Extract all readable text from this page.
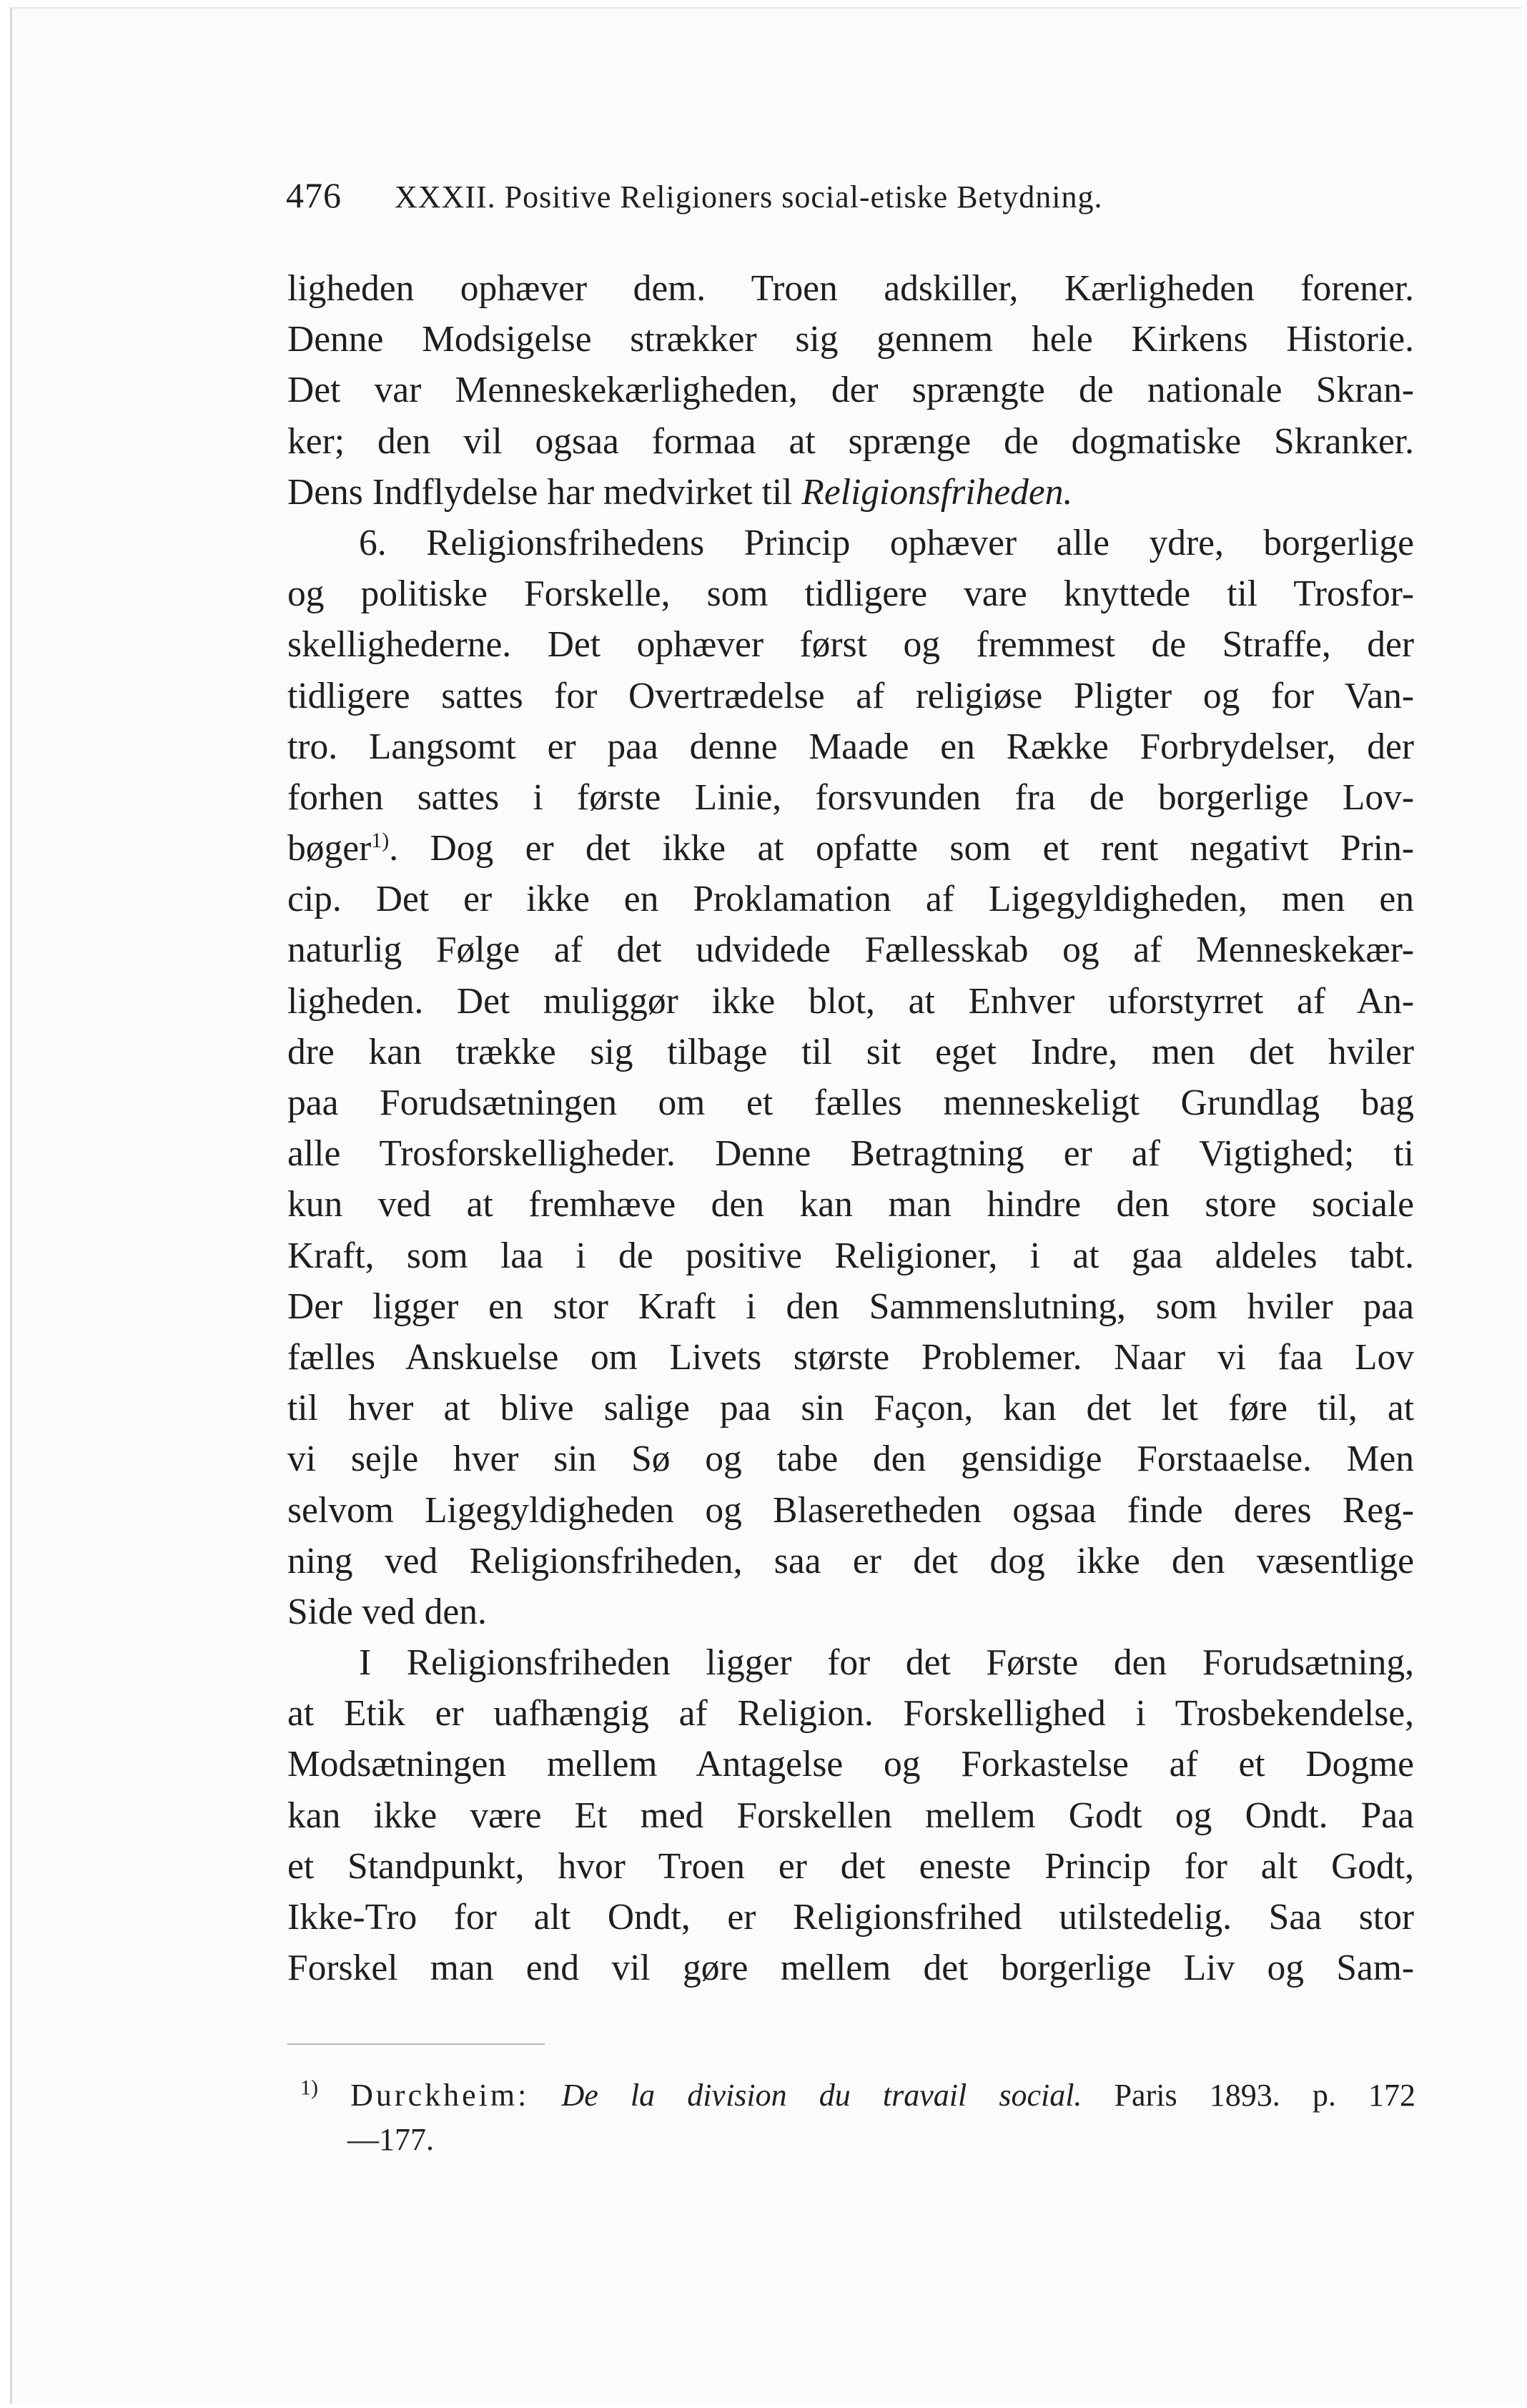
476 XXXII. Positive Religioners social-etiske Betydning.
ligheden ophæver dem. Troen adskiller, Kærligheden forener.
Denne Modsigelse strækker sig gennem hele Kirkens Historie.
Det var Menneskekærligheden, der sprængte de nationale Skran-
ker; den vil ogsaa formaa at sprænge de dogmatiske Skranker.
Dens Indflydelse har medvirket til Religionsfriheden.
6. Religionsfrihedens Princip ophæver alle ydre, borgerlige
og politiske Forskelle, som tidligere vare knyttede til Trosfor-
skellighederne. Det ophæver først og fremmest de Straffe, der
tidligere sattes for Overtrædelse af religiøse Pligter og for Van-
tro. Langsomt er paa denne Maade en Række Forbrydelser, der
forhen sattes i første Linie, forsvunden fra de borgerlige Lov-
bøger$^{1)}$. Dog er det ikke at opfatte som et rent negativt Prin-
cip. Det er ikke en Proklamation af Ligegyldigheden, men en
naturlig Følge af det udvidede Fællesskab og af Menneskekær-
ligheden. Det muliggør ikke blot, at Enhver uforstyrret af An-
dre kan trække sig tilbage til sit eget Indre, men det hviler
paa Forudsætningen om et fælles menneskeligt Grundlag bag
alle Trosforskelligheder. Denne Betragtning er af Vigtighed; ti
kun ved at fremhæve den kan man hindre den store sociale
Kraft, som laa i de positive Religioner, i at gaa aldeles tabt.
Der ligger en stor Kraft i den Sammenslutning, som hviler paa
fælles Anskuelse om Livets største Problemer. Naar vi faa Lov
til hver at blive salige paa sin Façon, kan det let føre til, at
vi sejle hver sin Sø og tabe den gensidige Forstaaelse. Men
selvom Ligegyldigheden og Blaseretheden ogsaa finde deres Reg-
ning ved Religionsfriheden, saa er det dog ikke den væsentlige
Side ved den.
I Religionsfriheden ligger for det Første den Forudsætning,
at Etik er uafhængig af Religion. Forskellighed i Trosbekendelse,
Modsætningen mellem Antagelse og Forkastelse af et Dogme
kan ikke være Et med Forskellen mellem Godt og Ondt. Paa
et Standpunkt, hvor Troen er det eneste Princip for alt Godt,
Ikke-Tro for alt Ondt, er Religionsfrihed utilstedelig. Saa stor
Forskel man end vil gøre mellem det borgerlige Liv og Sam-
$^{1)}$ Durckheim: De la division du travail social. Paris 1893. p. 172
—177.
